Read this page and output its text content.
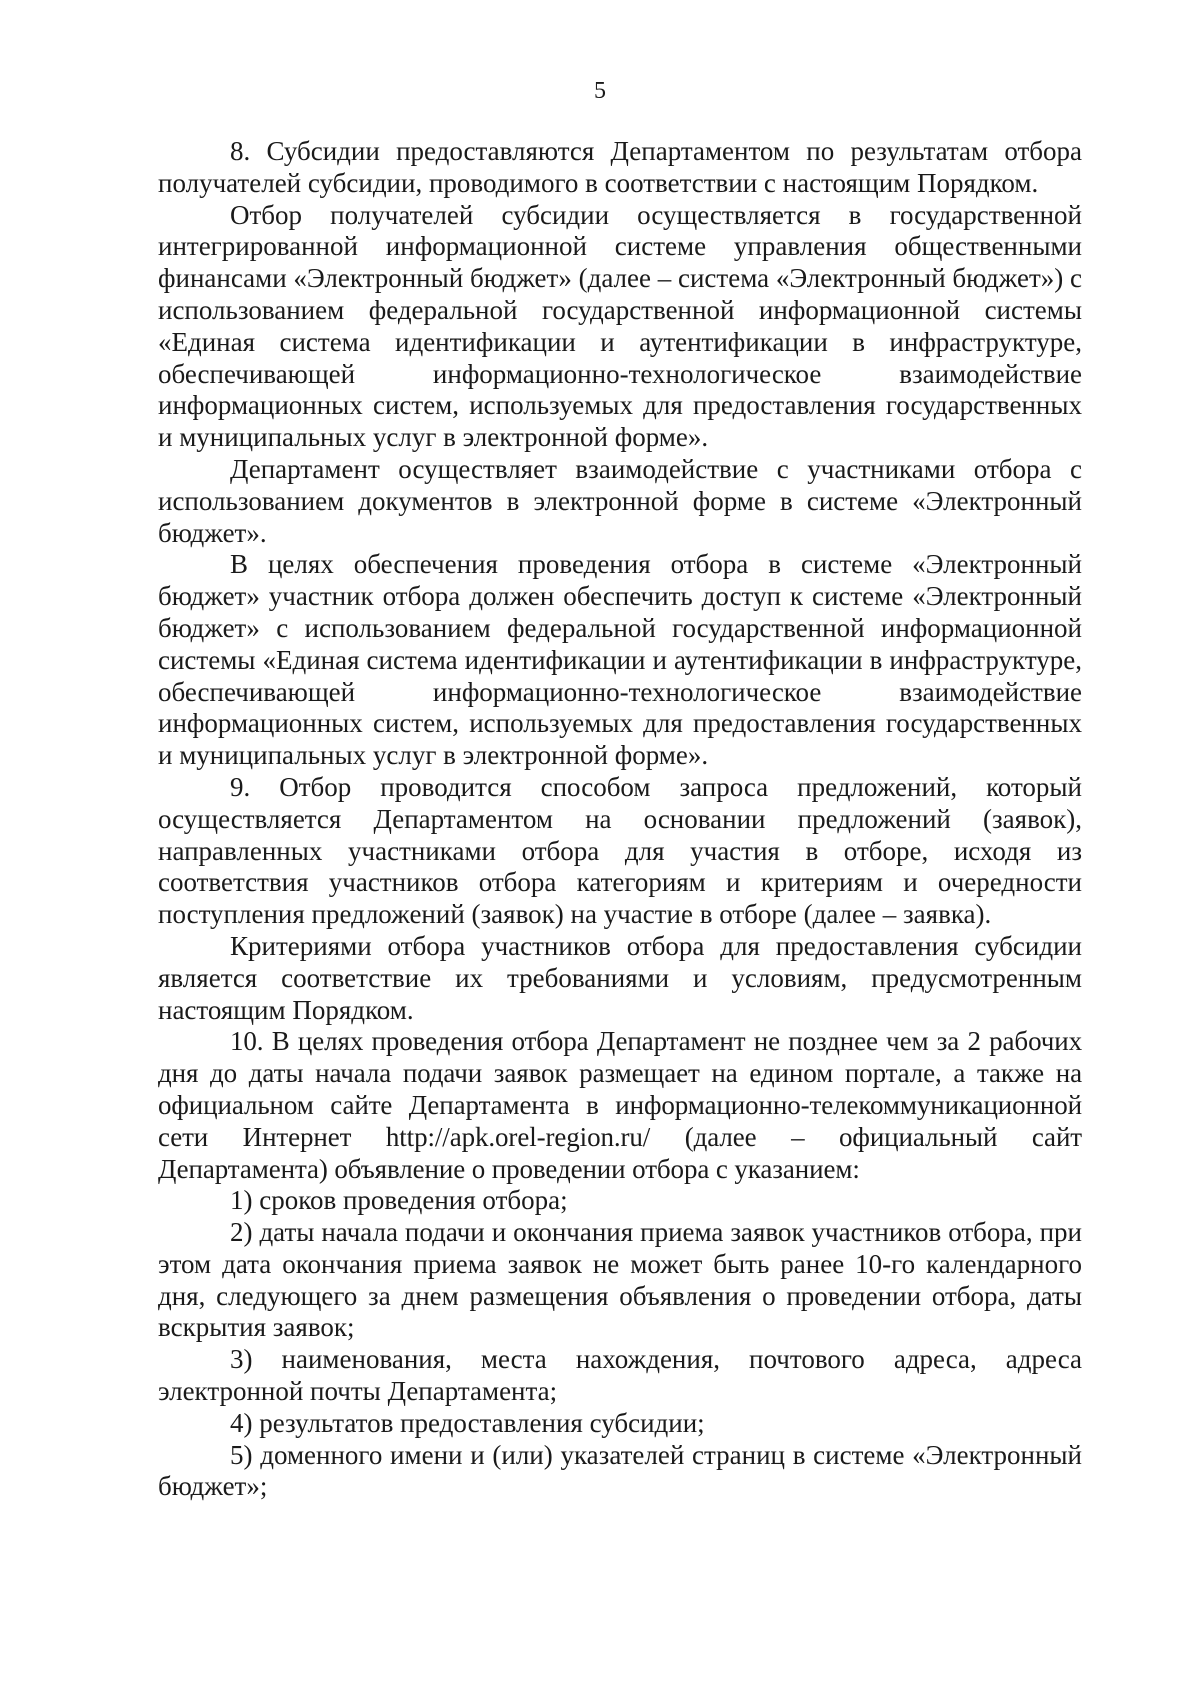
5

8. Субсидии предоставляются Департаментом по результатам отбора получателей субсидии, проводимого в соответствии с настоящим Порядком.

Отбор получателей субсидии осуществляется в государственной интегрированной информационной системе управления общественными финансами «Электронный бюджет» (далее – система «Электронный бюджет») с использованием федеральной государственной информационной системы «Единая система идентификации и аутентификации в инфраструктуре, обеспечивающей информационно-технологическое взаимодействие информационных систем, используемых для предоставления государственных и муниципальных услуг в электронной форме».

Департамент осуществляет взаимодействие с участниками отбора с использованием документов в электронной форме в системе «Электронный бюджет».

В целях обеспечения проведения отбора в системе «Электронный бюджет» участник отбора должен обеспечить доступ к системе «Электронный бюджет» с использованием федеральной государственной информационной системы «Единая система идентификации и аутентификации в инфраструктуре, обеспечивающей информационно-технологическое взаимодействие информационных систем, используемых для предоставления государственных и муниципальных услуг в электронной форме».

9. Отбор проводится способом запроса предложений, который осуществляется Департаментом на основании предложений (заявок), направленных участниками отбора для участия в отборе, исходя из соответствия участников отбора категориям и критериям и очередности поступления предложений (заявок) на участие в отборе (далее – заявка).

Критериями отбора участников отбора для предоставления субсидии является соответствие их требованиями и условиям, предусмотренным настоящим Порядком.

10. В целях проведения отбора Департамент не позднее чем за 2 рабочих дня до даты начала подачи заявок размещает на едином портале, а также на официальном сайте Департамента в информационно-телекоммуникационной сети Интернет http://apk.orel-region.ru/ (далее – официальный сайт Департамента) объявление о проведении отбора с указанием:

1) сроков проведения отбора;

2) даты начала подачи и окончания приема заявок участников отбора, при этом дата окончания приема заявок не может быть ранее 10-го календарного дня, следующего за днем размещения объявления о проведении отбора, даты вскрытия заявок;

3) наименования, места нахождения, почтового адреса, адреса электронной почты Департамента;

4) результатов предоставления субсидии;

5) доменного имени и (или) указателей страниц в системе «Электронный бюджет»;
